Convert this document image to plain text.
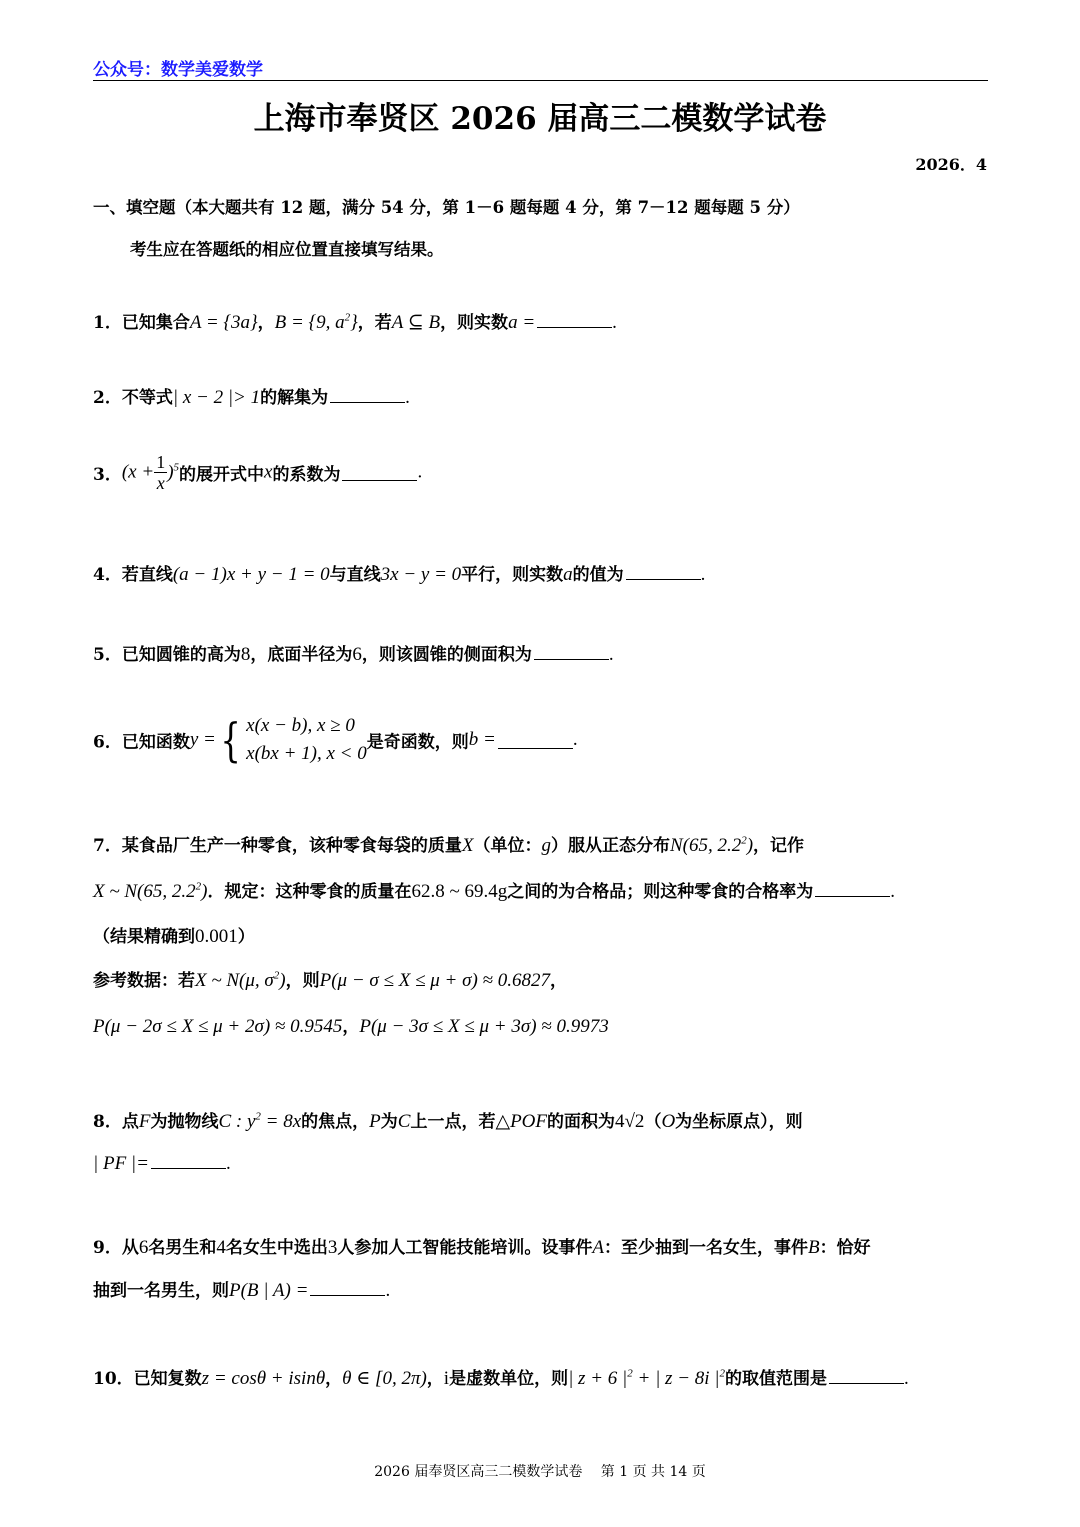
公众号：数学美爱数学
上海市奉贤区 2026 届高三二模数学试卷
2026．4
一、填空题（本大题共有 12 题，满分 54 分，第 1－6 题每题 4 分，第 7－12 题每题 5 分）
考生应在答题纸的相应位置直接填写结果。
1．已知集合A = {3a}，B = {9, $a^2$}，若A ⊆ B，则实数a =	.
2．不等式| x − 2 |> 1的解集为	.
3．$(x + \frac{1}{x} )^5$的展开式中x的系数为	.
4．若直线(a − 1)x + y − 1 = 0与直线3x − y = 0平行，则实数a的值为	.
5．已知圆锥的高为8，底面半径为6，则该圆锥的侧面积为	.
6．已知函数y ={ x(x − b), x ≥ 0
x(bx + 1), x < 0
是奇函数，则b =	.
7．某食品厂生产一种零食，该种零食每袋的质量X（单位：g）服从正态分布N(65, $2.2^2$)，记作
X ~ N(65, $2.2^2$)．规定：这种零食的质量在62.8 ~ 69.4g之间的为合格品；则这种零食的合格率为	.
（结果精确到0.001）
参考数据：若X ~ N(μ, $\sigma^2$)，则P(μ − σ ≤ X ≤ μ + σ) ≈ 0.6827，
P(μ − 2σ ≤ X ≤ μ + 2σ) ≈ 0.9545，P(μ − 3σ ≤ X ≤ μ + 3σ) ≈ 0.9973
8．点F为抛物线C : $y^2 = 8x$的焦点，P为C上一点，若△POF的面积为4√2（O为坐标原点），则
| PF |=	.
9．从6名男生和4名女生中选出3人参加人工智能技能培训。设事件A：至少抽到一名女生，事件B：恰好
抽到一名男生，则P(B | A) =	.
10．已知复数z = cosθ + isinθ，θ ∈ [0, 2π)，i是虚数单位，则| z + 6 $|^2$ + | z − 8i $|^2$的取值范围是	.
2026 届奉贤区高三二模数学试卷　 第 1 页 共 14 页
